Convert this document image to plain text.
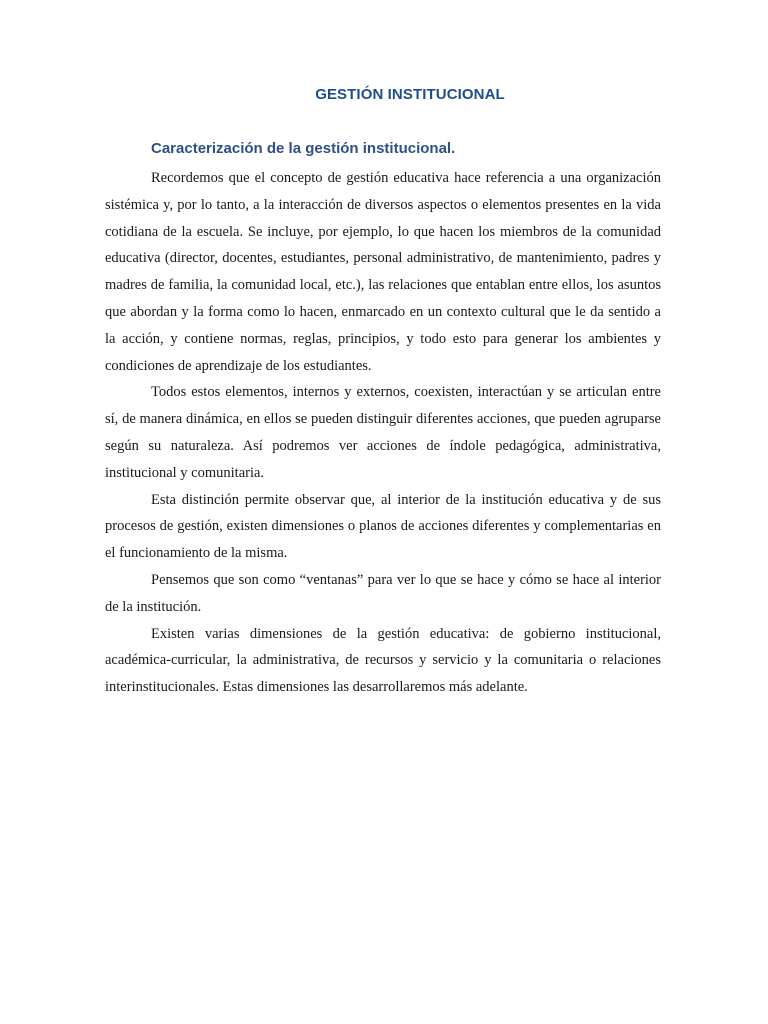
GESTIÓN INSTITUCIONAL
Caracterización de la gestión institucional.

Recordemos que el concepto de gestión educativa hace referencia a una organización sistémica y, por lo tanto, a la interacción de diversos aspectos o elementos presentes en la vida cotidiana de la escuela. Se incluye, por ejemplo, lo que hacen los miembros de la comunidad educativa (director, docentes, estudiantes, personal administrativo, de mantenimiento, padres y madres de familia, la comunidad local, etc.), las relaciones que entablan entre ellos, los asuntos que abordan y la forma como lo hacen, enmarcado en un contexto cultural que le da sentido a la acción, y contiene normas, reglas, principios, y todo esto para generar los ambientes y condiciones de aprendizaje de los estudiantes.

Todos estos elementos, internos y externos, coexisten, interactúan y se articulan entre sí, de manera dinámica, en ellos se pueden distinguir diferentes acciones, que pueden agruparse según su naturaleza. Así podremos ver acciones de índole pedagógica, administrativa, institucional y comunitaria.

Esta distinción permite observar que, al interior de la institución educativa y de sus procesos de gestión, existen dimensiones o planos de acciones diferentes y complementarias en el funcionamiento de la misma.

Pensemos que son como “ventanas” para ver lo que se hace y cómo se hace al interior de la institución.

Existen varias dimensiones de la gestión educativa: de gobierno institucional, académica-curricular, la administrativa, de recursos y servicio y la comunitaria o relaciones interinstitucionales. Estas dimensiones las desarrollaremos más adelante.
